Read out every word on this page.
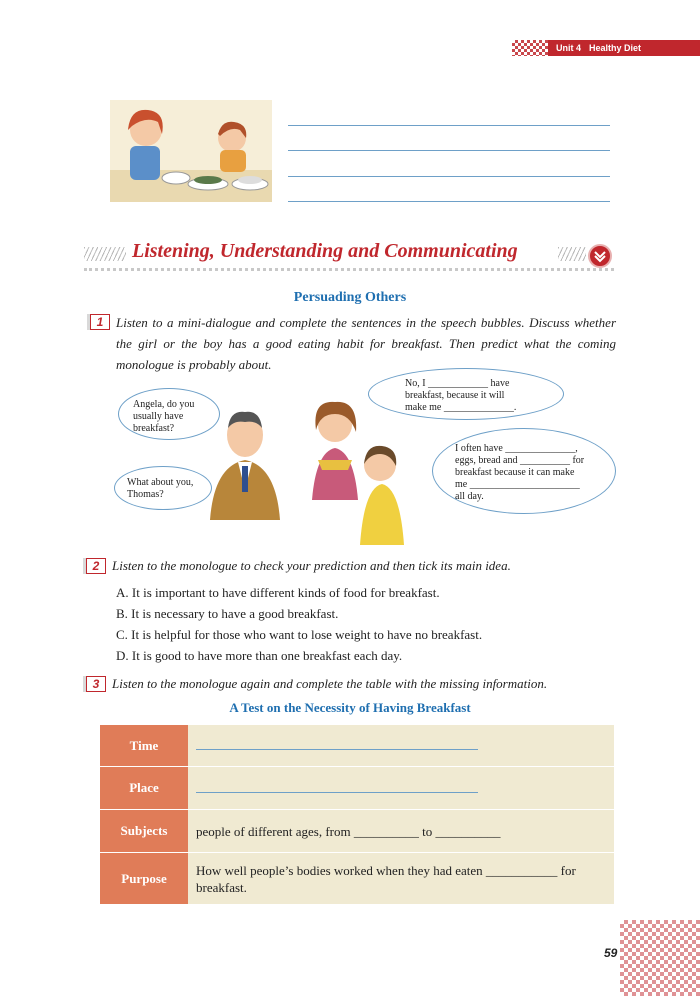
Unit 4 Healthy Diet
Listening, Understanding and Communicating
Persuading Others
1 Listen to a mini-dialogue and complete the sentences in the speech bubbles. Discuss whether the girl or the boy has a good eating habit for breakfast. Then predict what the coming monologue is probably about.
Angela, do you usually have breakfast?
What about you, Thomas?
No, I ____________ have
breakfast, because it will
make me ______________.
I often have ______________,
eggs, bread and __________ for
breakfast because it can make
me ______________________
all day.
2 Listen to the monologue to check your prediction and then tick its main idea.
A. It is important to have different kinds of food for breakfast.
B. It is necessary to have a good breakfast.
C. It is helpful for those who want to lose weight to have no breakfast.
D. It is good to have more than one breakfast each day.
3 Listen to the monologue again and complete the table with the missing information.
A Test on the Necessity of Having Breakfast
Time
Place
Subjects	people of different ages, from __________ to __________
Purpose
How well people’s bodies worked when they had eaten ___________ for breakfast.
59
